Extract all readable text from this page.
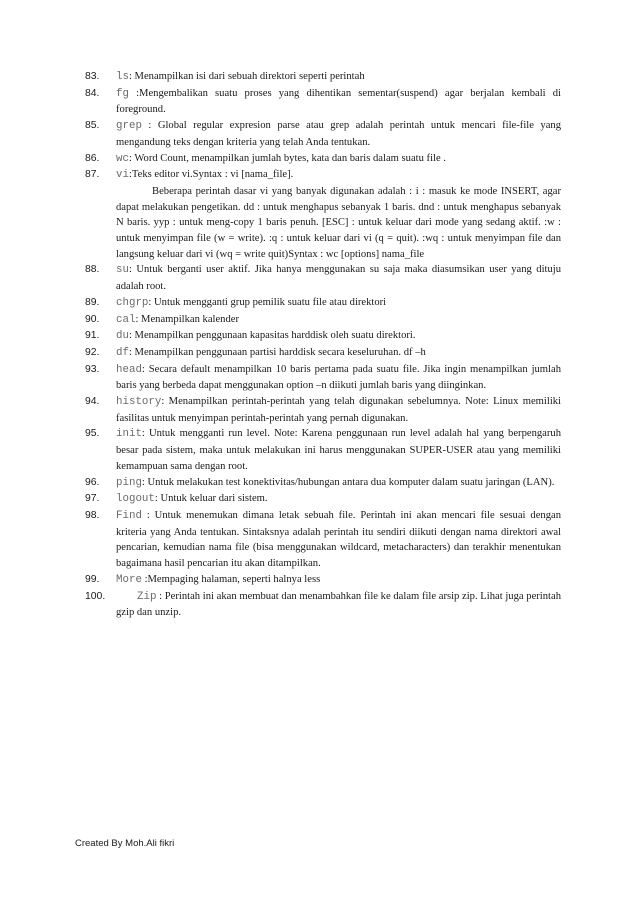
83.	ls: Menampilkan isi dari sebuah direktori seperti perintah
84.	fg :Mengembalikan suatu proses yang dihentikan sementar(suspend) agar berjalan kembali di foreground.
85.	grep : Global regular expresion parse atau grep adalah perintah untuk mencari file-file yang mengandung teks dengan kriteria yang telah Anda tentukan.
86.	wc: Word Count, menampilkan jumlah bytes, kata dan baris dalam suatu file .
87.	vi:Teks editor vi.Syntax : vi [nama_file].
Beberapa perintah dasar vi yang banyak digunakan adalah : i : masuk ke mode INSERT, agar dapat melakukan pengetikan. dd : untuk menghapus sebanyak 1 baris. dnd : untuk menghapus sebanyak N baris. yyp : untuk meng-copy 1 baris penuh. [ESC] : untuk keluar dari mode yang sedang aktif. :w : untuk menyimpan file (w = write). :q : untuk keluar dari vi (q = quit). :wq : untuk menyimpan file dan langsung keluar dari vi (wq = write quit)Syntax : wc [options] nama_file
88.	su: Untuk berganti user aktif. Jika hanya menggunakan su saja maka diasumsikan user yang dituju adalah root.
89.	chgrp: Untuk mengganti grup pemilik suatu file atau direktori
90.	cal: Menampilkan kalender
91.	du: Menampilkan penggunaan kapasitas harddisk oleh suatu direktori.
92.	df: Menampilkan penggunaan partisi harddisk secara keseluruhan. df –h
93.	head: Secara default menampilkan 10 baris pertama pada suatu file. Jika ingin menampilkan jumlah baris yang berbeda dapat menggunakan option –n diikuti jumlah baris yang diinginkan.
94.	history: Menampilkan perintah-perintah yang telah digunakan sebelumnya. Note: Linux memiliki fasilitas untuk menyimpan perintah-perintah yang pernah digunakan.
95.	init: Untuk mengganti run level. Note: Karena penggunaan run level adalah hal yang berpengaruh besar pada sistem, maka untuk melakukan ini harus menggunakan SUPER-USER atau yang memiliki kemampuan sama dengan root.
96.	ping: Untuk melakukan test konektivitas/hubungan antara dua komputer dalam suatu jaringan (LAN).
97.	logout: Untuk keluar dari sistem.
98.	Find : Untuk menemukan dimana letak sebuah file. Perintah ini akan mencari file sesuai dengan kriteria yang Anda tentukan. Sintaksnya adalah perintah itu sendiri diikuti dengan nama direktori awal pencarian, kemudian nama file (bisa menggunakan wildcard, metacharacters) dan terakhir menentukan bagaimana hasil pencarian itu akan ditampilkan.
99.	More :Mempaging halaman, seperti halnya less
100.	Zip : Perintah ini akan membuat dan menambahkan file ke dalam file arsip zip. Lihat juga perintah gzip dan unzip.
Created By Moh.Ali fikri
